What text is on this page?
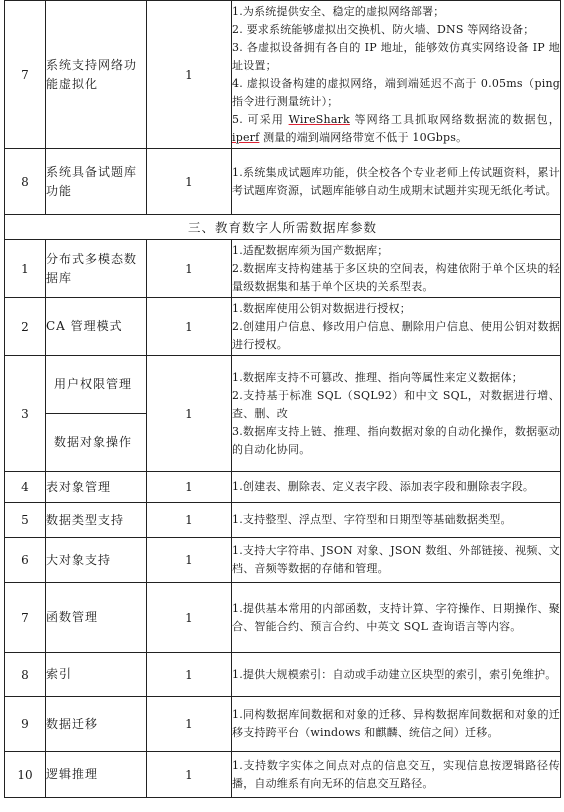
7	系统支持网络功能虚拟化	1	1.为系统提供安全、稳定的虚拟网络部署；
2. 要求系统能够虚拟出交换机、防火墙、DNS 等网络设备；
3. 各虚拟设备拥有各自的 IP 地址，能够效仿真实网络设备 IP 地址设置；
4. 虚拟设备构建的虚拟网络，端到端延迟不高于 0.05ms（ping 指令进行测量统计）；
5. 可采用 WireShark 等网络工具抓取网络数据流的数据包，iperf 测量的端到端网络带宽不低于 10Gbps。

8	系统具备试题库功能	1	1.系统集成试题库功能，供全校各个专业老师上传试题资料，累计考试题库资源，试题库能够自动生成期末试题并实现无纸化考试。

三、教育数字人所需数据库参数			
1	分布式多模态数据库	1	1.适配数据库须为国产数据库；
2.数据库支持构建基于多区块的空间表，构建依附于单个区块的轻量级数据集和基于单个区块的关系型表。

2	CA 管理模式	1	1.数据库使用公钥对数据进行授权；
2.创建用户信息、修改用户信息、删除用户信息、使用公钥对数据进行授权。

3	用户权限管理
数据对象操作	1	1.数据库支持不可篡改、推理、指向等属性来定义数据体；
2.支持基于标准 SQL（SQL92）和中文 SQL，对数据进行增、查、删、改
3.数据库支持上链、推理、指向数据对象的自动化操作，数据驱动的自动化协同。

4	表对象管理	1	1.创建表、删除表、定义表字段、添加表字段和删除表字段。

5	数据类型支持	1	1.支持整型、浮点型、字符型和日期型等基础数据类型。

6	大对象支持	1	1.支持大字符串、JSON 对象、JSON 数组、外部链接、视频、文档、音频等数据的存储和管理。

7	函数管理	1	1.提供基本常用的内部函数，支持计算、字符操作、日期操作、聚合、智能合约、预言合约、中英文 SQL 查询语言等内容。

8	索引	1	1.提供大规模索引：自动或手动建立区块型的索引，索引免维护。

9	数据迁移	1	1.同构数据库间数据和对象的迁移、异构数据库间数据和对象的迁移支持跨平台（windows 和麒麟、统信之间）迁移。

10	逻辑推理	1	1.支持数字实体之间点对点的信息交互，实现信息按逻辑路径传播，自动维系有向无环的信息交互路径。
